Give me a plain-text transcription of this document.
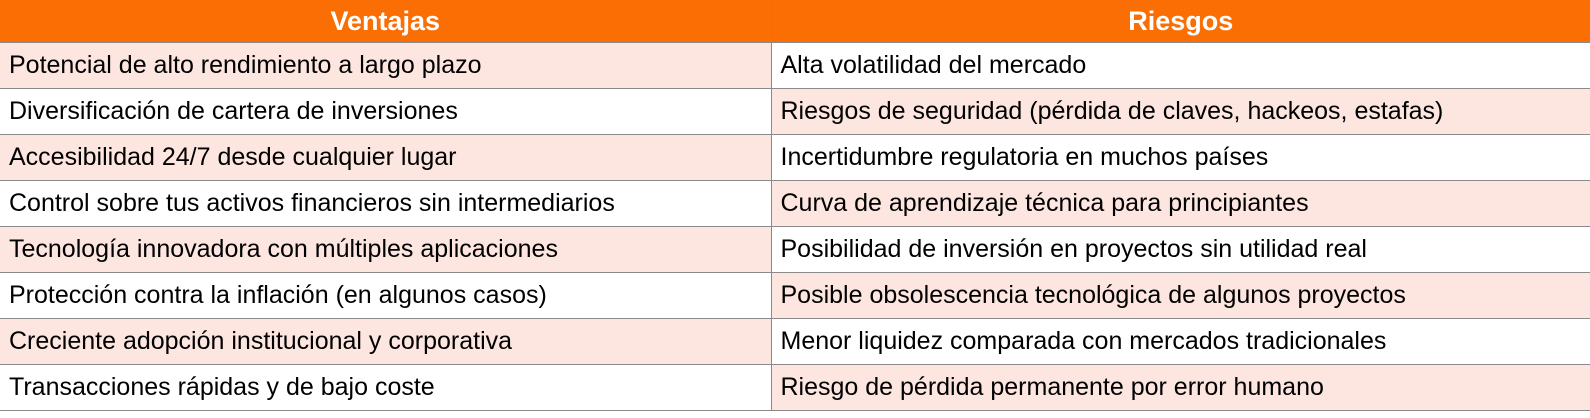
Ventajas	Riesgos
Potencial de alto rendimiento a largo plazo	Alta volatilidad del mercado
Diversificación de cartera de inversiones	Riesgos de seguridad (pérdida de claves, hackeos, estafas)
Accesibilidad 24/7 desde cualquier lugar	Incertidumbre regulatoria en muchos países
Control sobre tus activos financieros sin intermediarios	Curva de aprendizaje técnica para principiantes
Tecnología innovadora con múltiples aplicaciones	Posibilidad de inversión en proyectos sin utilidad real
Protección contra la inflación (en algunos casos)	Posible obsolescencia tecnológica de algunos proyectos
Creciente adopción institucional y corporativa	Menor liquidez comparada con mercados tradicionales
Transacciones rápidas y de bajo coste	Riesgo de pérdida permanente por error humano
